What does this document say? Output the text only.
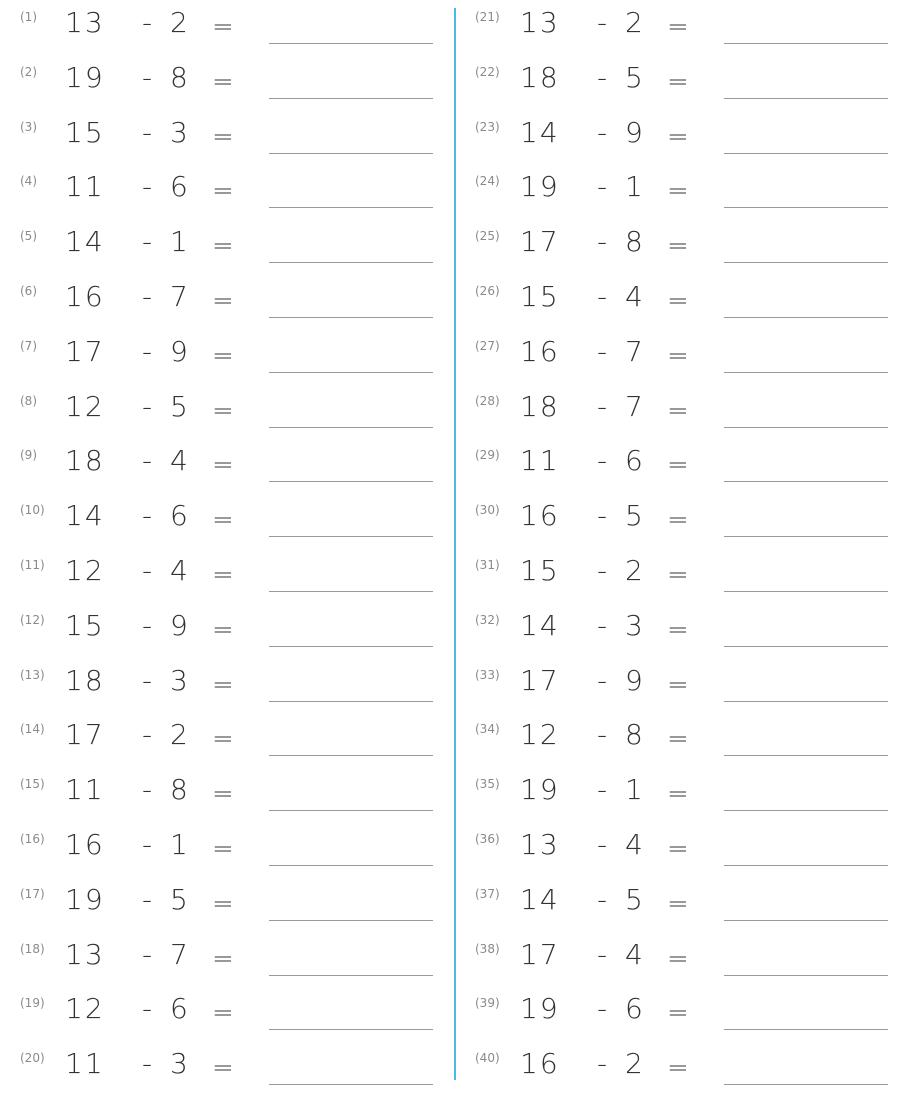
(1) 13 - 2 =
(2) 19 - 8 =
(3) 15 - 3 =
(4) 11 - 6 =
(5) 14 - 1 =
(6) 16 - 7 =
(7) 17 - 9 =
(8) 12 - 5 =
(9) 18 - 4 =
(10) 14 - 6 =
(11) 12 - 4 =
(12) 15 - 9 =
(13) 18 - 3 =
(14) 17 - 2 =
(15) 11 - 8 =
(16) 16 - 1 =
(17) 19 - 5 =
(18) 13 - 7 =
(19) 12 - 6 =
(20) 11 - 3 =
(21) 13 - 2 =
(22) 18 - 5 =
(23) 14 - 9 =
(24) 19 - 1 =
(25) 17 - 8 =
(26) 15 - 4 =
(27) 16 - 7 =
(28) 18 - 7 =
(29) 11 - 6 =
(30) 16 - 5 =
(31) 15 - 2 =
(32) 14 - 3 =
(33) 17 - 9 =
(34) 12 - 8 =
(35) 19 - 1 =
(36) 13 - 4 =
(37) 14 - 5 =
(38) 17 - 4 =
(39) 19 - 6 =
(40) 16 - 2 =
